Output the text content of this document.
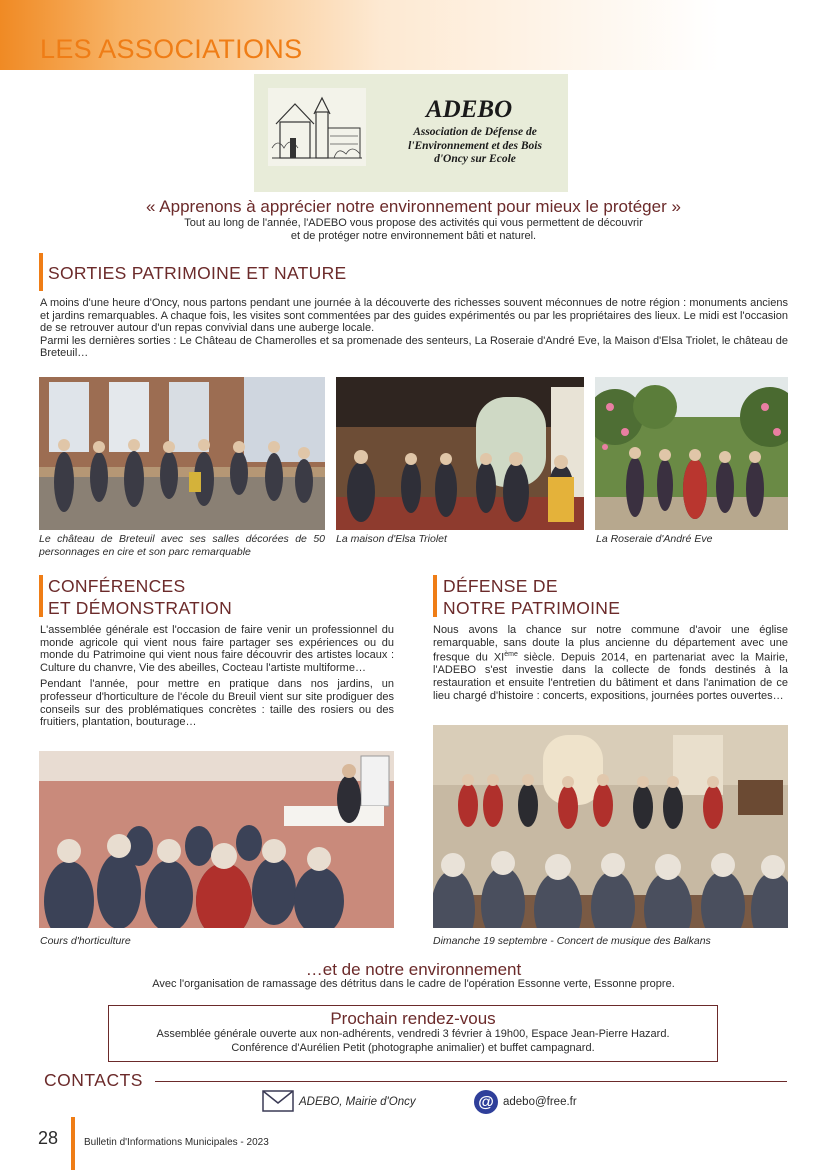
LES ASSOCIATIONS
ADEBO
Association de Défense de l'Environnement et des Bois d'Oncy sur Ecole
« Apprenons à apprécier notre environnement pour mieux le protéger »
Tout au long de l'année, l'ADEBO vous propose des activités qui vous permettent de découvrir
et de protéger notre environnement bâti et naturel.
SORTIES PATRIMOINE ET NATURE
A moins d'une heure d'Oncy, nous partons pendant une journée à la découverte des richesses souvent méconnues de notre région : monuments anciens et jardins remarquables. A chaque fois, les visites sont commentées par des guides expérimentés ou par les propriétaires des lieux. Le midi est l'occasion de se retrouver autour d'un repas convivial dans une auberge locale.
Parmi les dernières sorties : Le Château de Chamerolles et sa promenade des senteurs, La Roseraie d'André Eve, la Maison d'Elsa Triolet, le château de Breteuil…
Le château de Breteuil avec ses salles décorées de 50 personnages en cire et son parc remarquable
La maison d'Elsa Triolet	La Roseraie d'André Eve
CONFÉRENCES
ET DÉMONSTRATION
L'assemblée générale est l'occasion de faire venir un professionnel du monde agricole qui vient nous faire partager ses expériences ou du monde du Patrimoine qui vient nous faire découvrir des artistes locaux : Culture du chanvre, Vie des abeilles, Cocteau l'artiste multiforme…
Pendant l'année, pour mettre en pratique dans nos jardins, un professeur d'horticulture de l'école du Breuil vient sur site prodiguer des conseils sur des problématiques concrètes : taille des rosiers ou des fruitiers, plantation, bouturage…
Cours d'horticulture
DÉFENSE DE
NOTRE PATRIMOINE
Nous avons la chance sur notre commune d'avoir une église remarquable, sans doute la plus ancienne du département avec une fresque du XIème siècle. Depuis 2014, en partenariat avec la Mairie, l'ADEBO s'est investie dans la collecte de fonds destinés à la restauration et ensuite l'entretien du bâtiment et dans l'animation de ce lieu chargé d'histoire : concerts, expositions, journées portes ouvertes…
Dimanche 19 septembre - Concert de musique des Balkans
…et de notre environnement
Avec l'organisation de ramassage des détritus dans le cadre de l'opération Essonne verte, Essonne propre.
Prochain rendez-vous
Assemblée générale ouverte aux non-adhérents, vendredi 3 février à 19h00, Espace Jean-Pierre Hazard.
Conférence d'Aurélien Petit (photographe animalier) et buffet campagnard.
CONTACTS
ADEBO, Mairie d'Oncy	@ adebo@free.fr
28	Bulletin d'Informations Municipales - 2023
